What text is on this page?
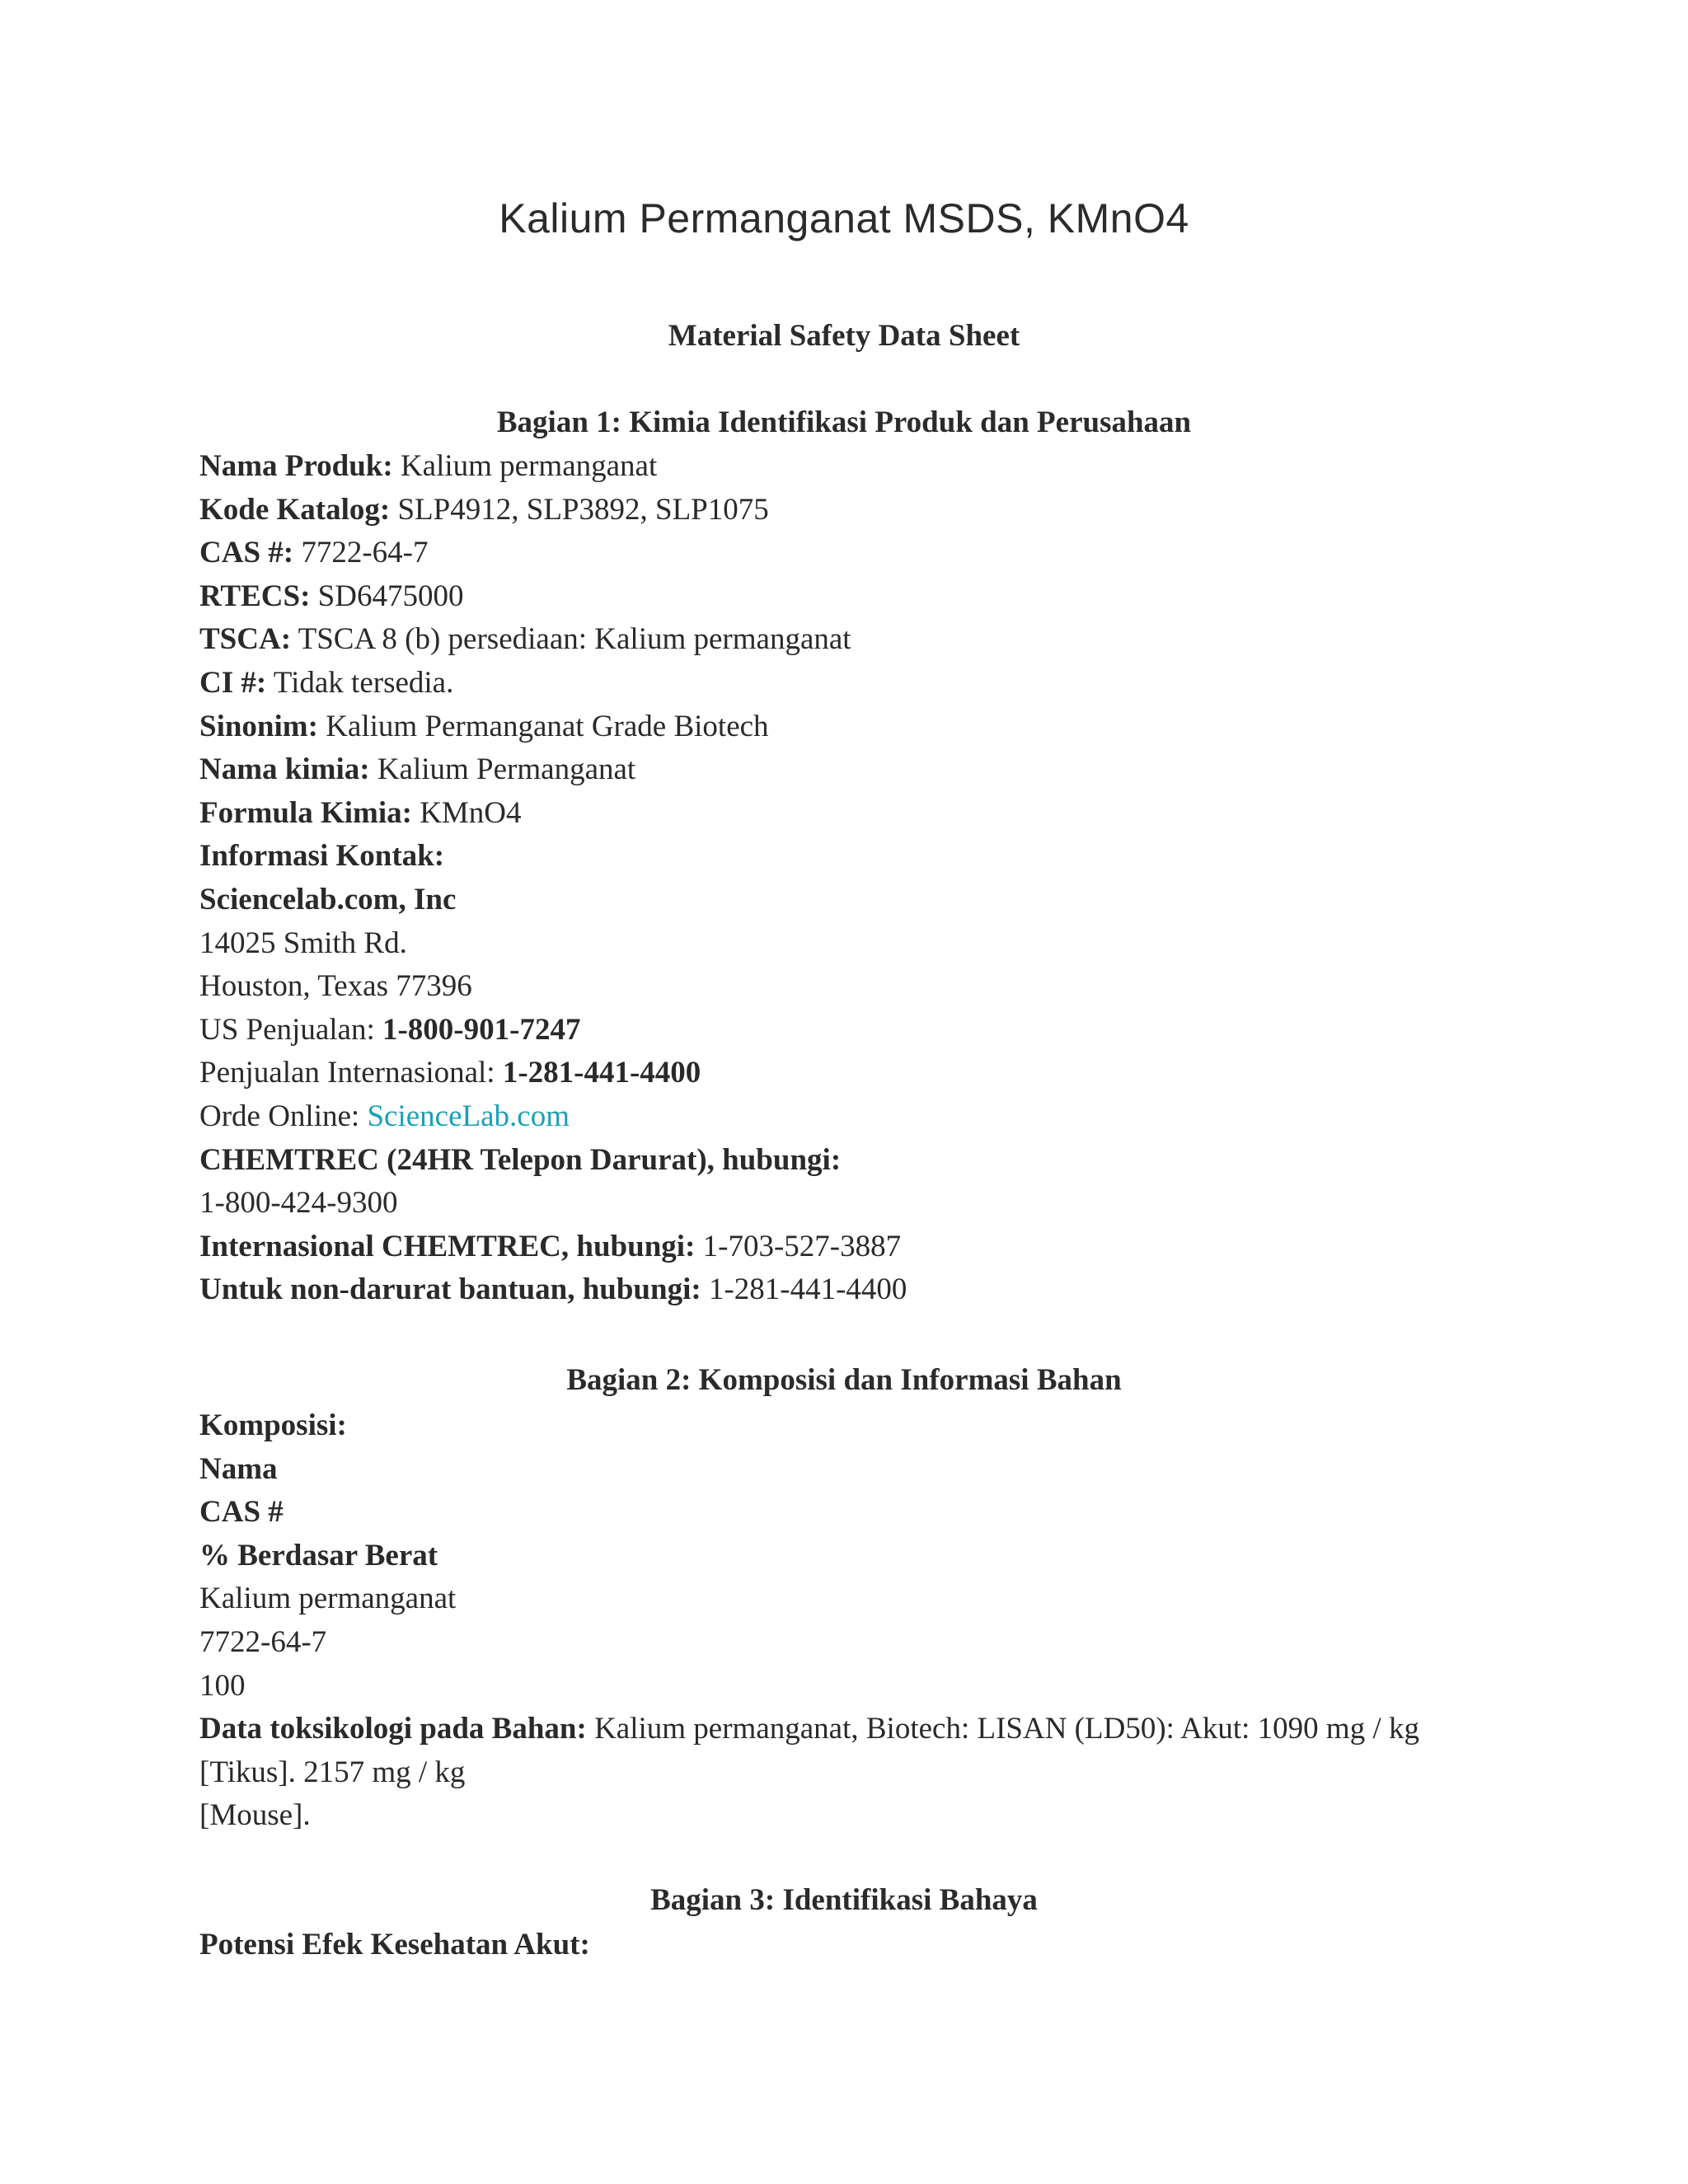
Kalium Permanganat MSDS, KMnO4
Material Safety Data Sheet
Bagian 1: Kimia Identifikasi Produk dan Perusahaan
Nama Produk: Kalium permanganat
Kode Katalog: SLP4912, SLP3892, SLP1075
CAS #: 7722-64-7
RTECS: SD6475000
TSCA: TSCA 8 (b) persediaan: Kalium permanganat
CI #: Tidak tersedia.
Sinonim: Kalium Permanganat Grade Biotech
Nama kimia: Kalium Permanganat
Formula Kimia: KMnO4
Informasi Kontak:
Sciencelab.com, Inc
14025 Smith Rd.
Houston, Texas 77396
US Penjualan: 1-800-901-7247
Penjualan Internasional: 1-281-441-4400
Orde Online: ScienceLab.com
CHEMTREC (24HR Telepon Darurat), hubungi:
1-800-424-9300
Internasional CHEMTREC, hubungi: 1-703-527-3887
Untuk non-darurat bantuan, hubungi: 1-281-441-4400
Bagian 2: Komposisi dan Informasi Bahan
Komposisi:
Nama
CAS #
% Berdasar Berat
Kalium permanganat
7722-64-7
100
Data toksikologi pada Bahan: Kalium permanganat, Biotech: LISAN (LD50): Akut: 1090 mg / kg [Tikus]. 2157 mg / kg
[Mouse].
Bagian 3: Identifikasi Bahaya
Potensi Efek Kesehatan Akut:
